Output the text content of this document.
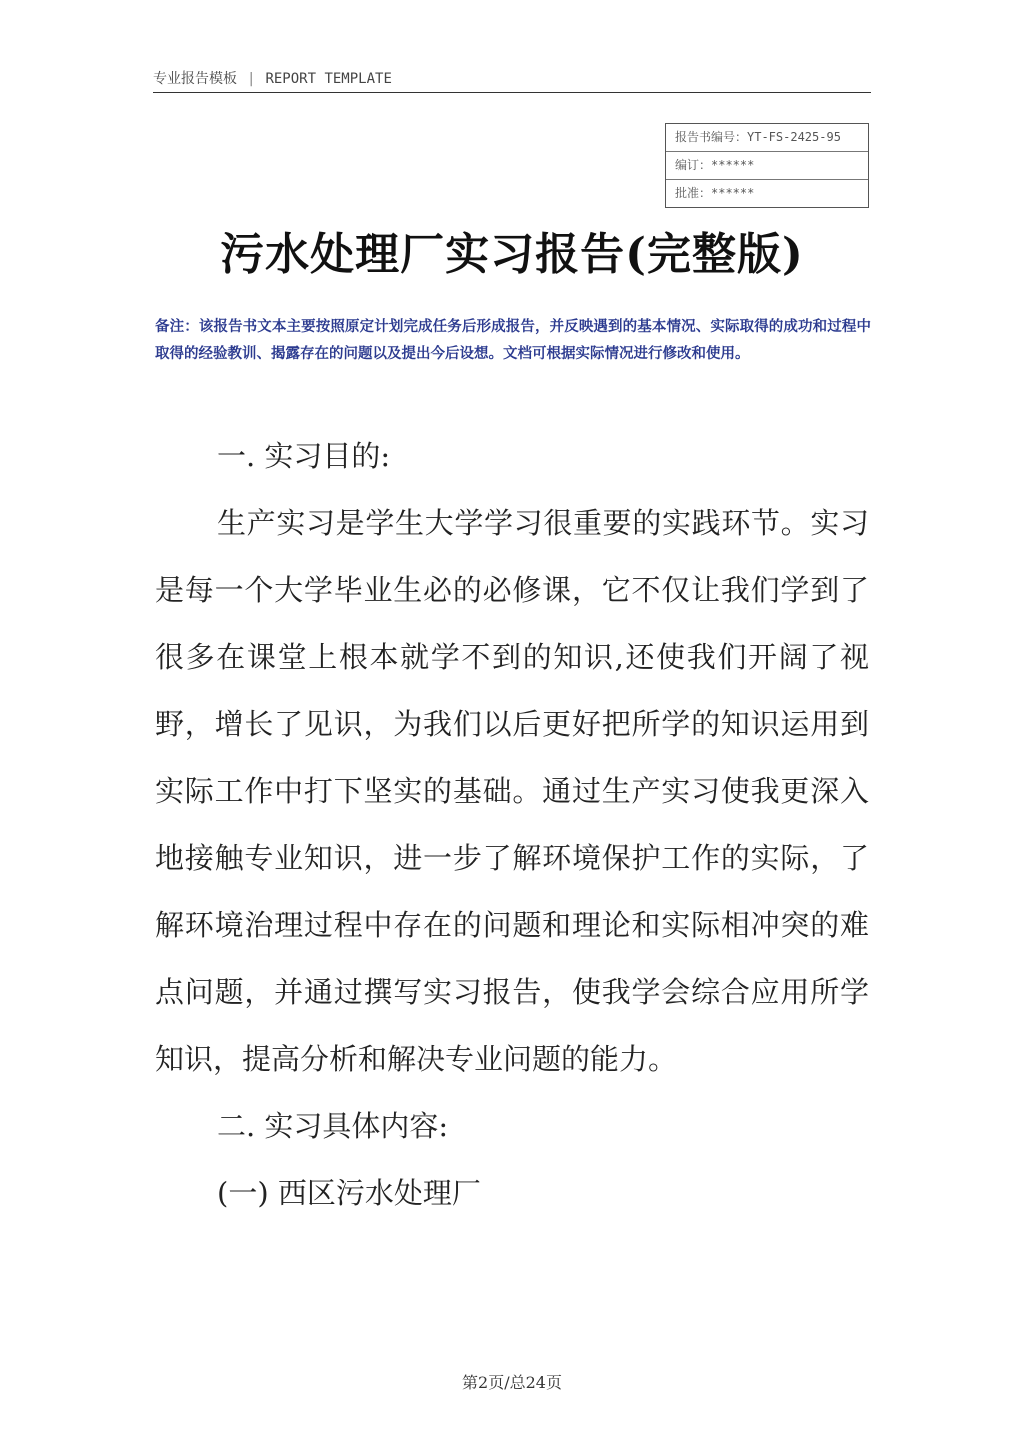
专业报告模板 | REPORT TEMPLATE
报告书编号：YT-FS-2425-95
编订：******
批准：******
污水处理厂实习报告(完整版)
备注：该报告书文本主要按照原定计划完成任务后形成报告，并反映遇到的基本情况、实际取得的成功和过程中取得的经验教训、揭露存在的问题以及提出今后设想。文档可根据实际情况进行修改和使用。

一. 实习目的:

生产实习是学生大学学习很重要的实践环节。实习是每一个大学毕业生必的必修课，它不仅让我们学到了很多在课堂上根本就学不到的知识,还使我们开阔了视野，增长了见识，为我们以后更好把所学的知识运用到实际工作中打下坚实的基础。通过生产实习使我更深入地接触专业知识，进一步了解环境保护工作的实际，了解环境治理过程中存在的问题和理论和实际相冲突的难点问题，并通过撰写实习报告，使我学会综合应用所学知识，提高分析和解决专业问题的能力。

二. 实习具体内容:

(一) 西区污水处理厂

第2页/总24页
